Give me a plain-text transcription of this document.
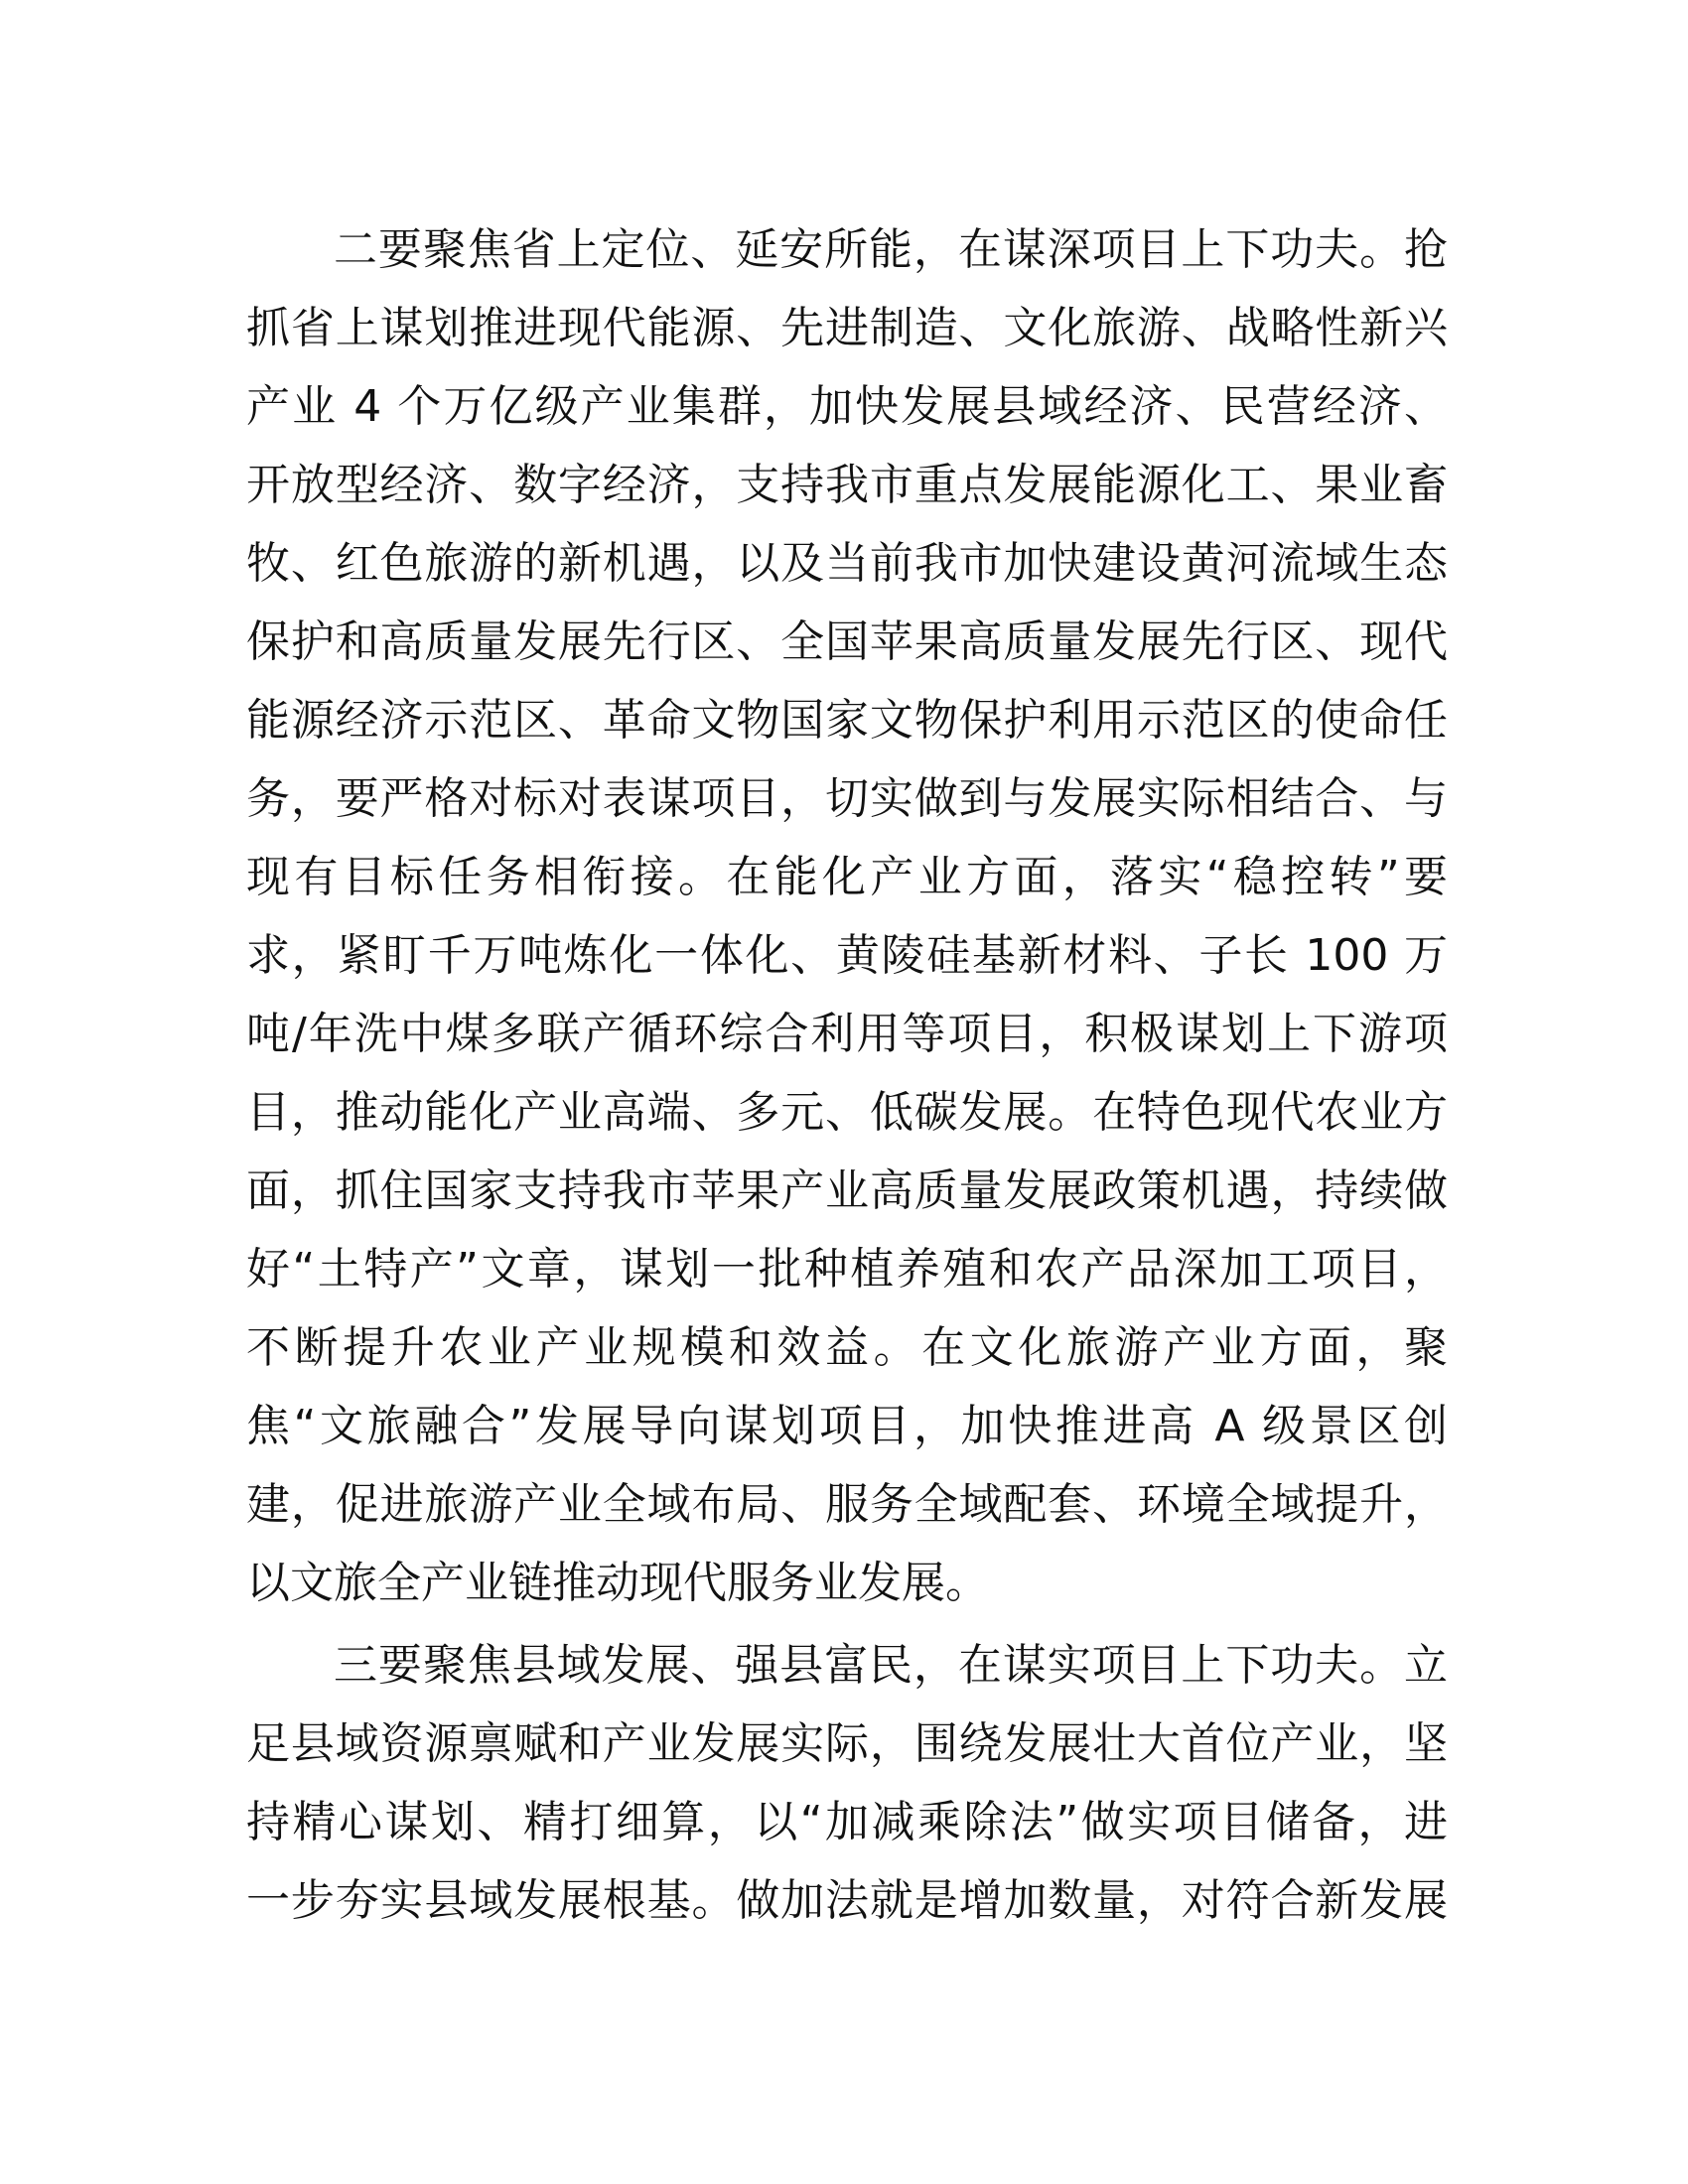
二要聚焦省上定位、延安所能，在谋深项目上下功夫。抢
抓省上谋划推进现代能源、先进制造、文化旅游、战略性新兴
产业 4 个万亿级产业集群，加快发展县域经济、民营经济、
开放型经济、数字经济，支持我市重点发展能源化工、果业畜
牧、红色旅游的新机遇，以及当前我市加快建设黄河流域生态
保护和高质量发展先行区、全国苹果高质量发展先行区、现代
能源经济示范区、革命文物国家文物保护利用示范区的使命任
务，要严格对标对表谋项目，切实做到与发展实际相结合、与
现有目标任务相衔接。在能化产业方面，落实“稳控转”要
求，紧盯千万吨炼化一体化、黄陵硅基新材料、子长 100 万
吨/年洗中煤多联产循环综合利用等项目，积极谋划上下游项
目，推动能化产业高端、多元、低碳发展。在特色现代农业方
面，抓住国家支持我市苹果产业高质量发展政策机遇，持续做
好“土特产”文章，谋划一批种植养殖和农产品深加工项目，
不断提升农业产业规模和效益。在文化旅游产业方面，聚
焦“文旅融合”发展导向谋划项目，加快推进高 A 级景区创
建，促进旅游产业全域布局、服务全域配套、环境全域提升，
以文旅全产业链推动现代服务业发展。
三要聚焦县域发展、强县富民，在谋实项目上下功夫。立
足县域资源禀赋和产业发展实际，围绕发展壮大首位产业，坚
持精心谋划、精打细算，以“加减乘除法”做实项目储备，进
一步夯实县域发展根基。做加法就是增加数量，对符合新发展
